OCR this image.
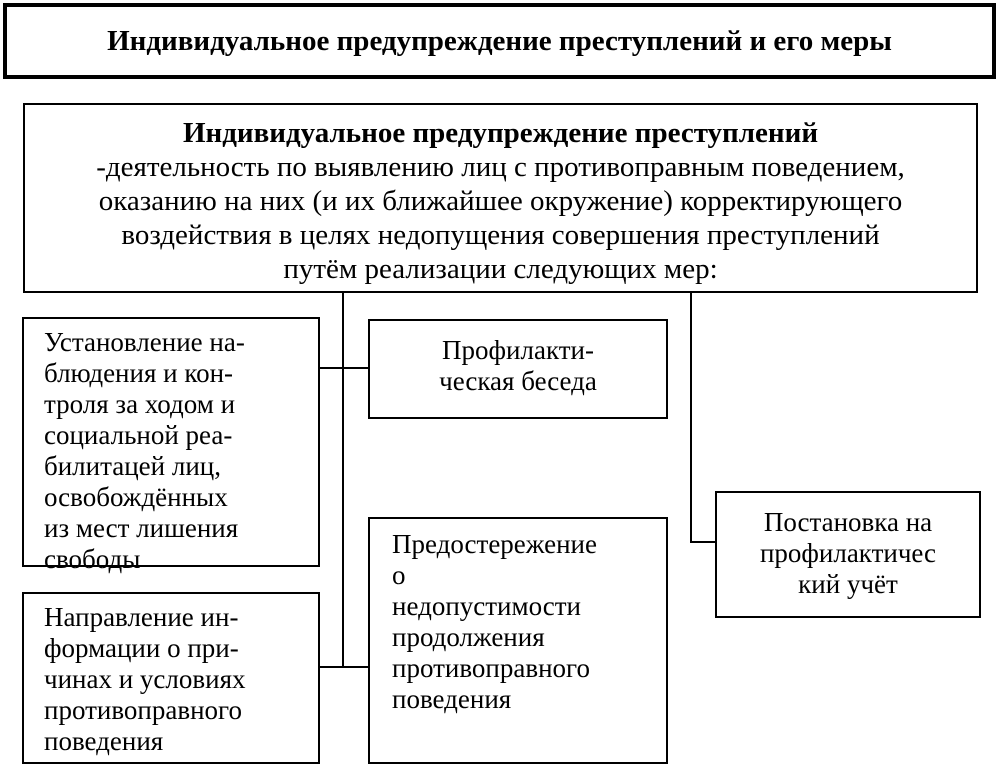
Индивидуальное предупреждение преступлений и его меры
Индивидуальное предупреждение преступлений
-деятельность по выявлению лиц с противоправным поведением,
оказанию на них (и их ближайшее окружение) корректирующего
воздействия в целях недопущения совершения преступлений
путём реализации следующих мер:
Установление на-
блюдения и кон-
троля за ходом и
социальной реа-
билитацей лиц,
освобождённых
из мест лишения
свободы
Направление ин-
формации о при-
чинах и условиях
противоправного
поведения
Профилакти-
ческая беседа
Предостережение
о
недопустимости
продолжения
противоправного
поведения
Постановка на
профилактичес
кий учёт
